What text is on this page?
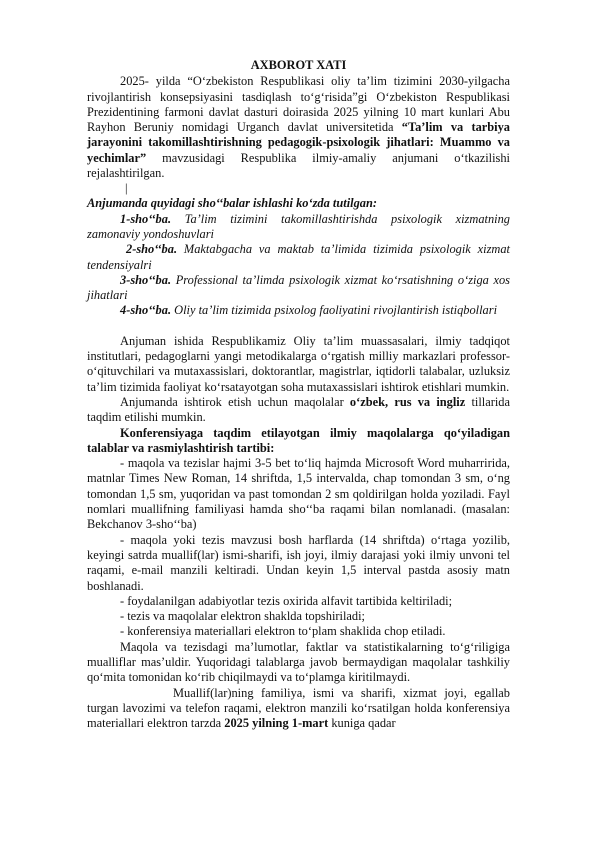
AXBOROT XATI

2025- yilda “O‘zbekiston Respublikasi oliy ta’lim tizimini 2030-yilgacha rivojlantirish konsepsiyasini tasdiqlash to‘g‘risida”gi O‘zbekiston Respublikasi Prezidentining farmoni davlat dasturi doirasida 2025 yilning 10 mart kunlari Abu Rayhon Beruniy nomidagi Urganch davlat universitetida “Ta’lim va tarbiya jarayonini takomillashtirishning pedagogik-psixologik jihatlari: Muammo va yechimlar” mavzusidagi Respublika ilmiy-amaliy anjumani o‘tkazilishi rejalashtirilgan.

|

Anjumanda quyidagi sho‘‘balar ishlashi ko‘zda tutilgan:

1-sho‘‘ba. Ta’lim tizimini takomillashtirishda psixologik xizmatning zamonaviy yondoshuvlari

2-sho‘‘ba. Maktabgacha va maktab ta’limida tizimida psixologik xizmat tendensiyalri

3-sho‘‘ba. Professional ta’limda psixologik xizmat ko‘rsatishning o‘ziga xos jihatlari

4-sho‘‘ba. Oliy ta’lim tizimida psixolog faoliyatini rivojlantirish istiqbollari

Anjuman ishida Respublikamiz Oliy ta’lim muassasalari, ilmiy tadqiqot institutlari, pedagoglarni yangi metodikalarga o‘rgatish milliy markazlari professor-o‘qituvchilari va mutaxassislari, doktorantlar, magistrlar, iqtidorli talabalar, uzluksiz ta’lim tizimida faoliyat ko‘rsatayotgan soha mutaxassislari ishtirok etishlari mumkin.

Anjumanda ishtirok etish uchun maqolalar o‘zbek, rus va ingliz tillarida taqdim etilishi mumkin.

Konferensiyaga taqdim etilayotgan ilmiy maqolalarga qo‘yiladigan talablar va rasmiylashtirish tartibi:

- maqola va tezislar hajmi 3-5 bet to‘liq hajmda Microsoft Word muharririda, matnlar Times New Roman, 14 shriftda, 1,5 intervalda, chap tomondan 3 sm, o‘ng tomondan 1,5 sm, yuqoridan va past tomondan 2 sm qoldirilgan holda yoziladi. Fayl nomlari muallifning familiyasi hamda sho‘‘ba raqami bilan nomlanadi. (masalan: Bekchanov 3-sho‘‘ba)

- maqola yoki tezis mavzusi bosh harflarda (14 shriftda) o‘rtaga yozilib, keyingi satrda muallif(lar) ismi-sharifi, ish joyi, ilmiy darajasi yoki ilmiy unvoni tel raqami, e-mail manzili keltiradi. Undan keyin 1,5 interval pastda asosiy matn boshlanadi.

- foydalanilgan adabiyotlar tezis oxirida alfavit tartibida keltiriladi;

- tezis va maqolalar elektron shaklda topshiriladi;

- konferensiya materiallari elektron to‘plam shaklida chop etiladi.

Maqola va tezisdagi ma’lumotlar, faktlar va statistikalarning to‘g‘riligiga mualliflar mas’uldir. Yuqoridagi talablarga javob bermaydigan maqolalar tashkiliy qo‘mita tomonidan ko‘rib chiqilmaydi va to‘plamga kiritilmaydi.

Muallif(lar)ning familiya, ismi va sharifi, xizmat joyi, egallab turgan lavozimi va telefon raqami, elektron manzili ko‘rsatilgan holda konferensiya materiallari elektron tarzda 2025 yilning 1-mart kuniga qadar
